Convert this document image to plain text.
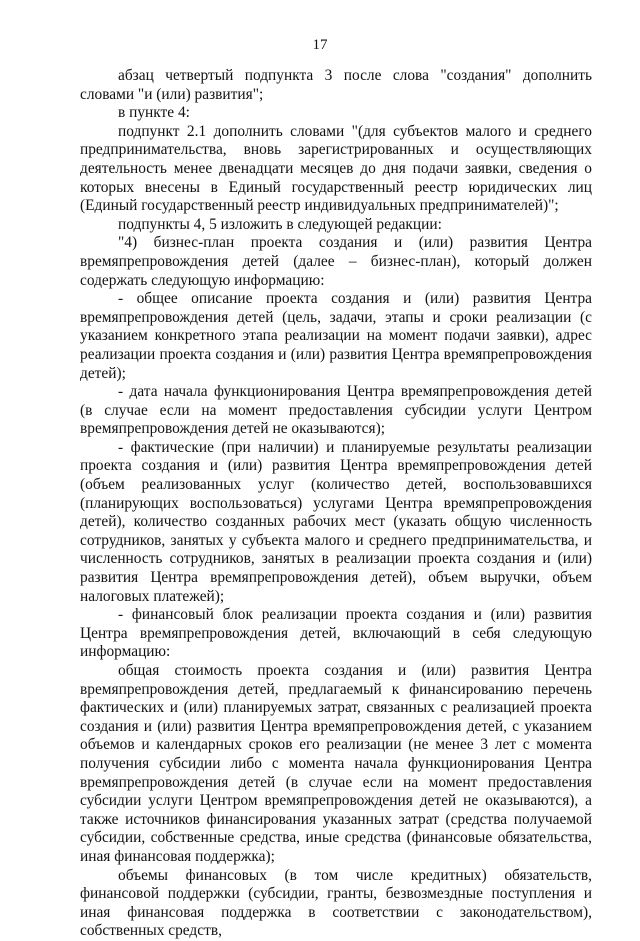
17

абзац четвертый подпункта 3 после слова "создания" дополнить словами "и (или) развития";

в пункте 4:

подпункт 2.1 дополнить словами "(для субъектов малого и среднего предпринимательства, вновь зарегистрированных и осуществляющих деятельность менее двенадцати месяцев до дня подачи заявки, сведения о которых внесены в Единый государственный реестр юридических лиц (Единый государственный реестр индивидуальных предпринимателей)";

подпункты 4, 5 изложить в следующей редакции:

"4) бизнес-план проекта создания и (или) развития Центра времяпрепровождения детей (далее – бизнес-план), который должен содержать следующую информацию:

- общее описание проекта создания и (или) развития Центра времяпрепровождения детей (цель, задачи, этапы и сроки реализации (с указанием конкретного этапа реализации на момент подачи заявки), адрес реализации проекта создания и (или) развития Центра времяпрепровождения детей);

- дата начала функционирования Центра времяпрепровождения детей (в случае если на момент предоставления субсидии услуги Центром времяпрепровождения детей не оказываются);

- фактические (при наличии) и планируемые результаты реализации проекта создания и (или) развития Центра времяпрепровождения детей (объем реализованных услуг (количество детей, воспользовавшихся (планирующих воспользоваться) услугами Центра времяпрепровождения детей), количество созданных рабочих мест (указать общую численность сотрудников, занятых у субъекта малого и среднего предпринимательства, и численность сотрудников, занятых в реализации проекта создания и (или) развития Центра времяпрепровождения детей), объем выручки, объем налоговых платежей);

- финансовый блок реализации проекта создания и (или) развития Центра времяпрепровождения детей, включающий в себя следующую информацию:

общая стоимость проекта создания и (или) развития Центра времяпрепровождения детей, предлагаемый к финансированию перечень фактических и (или) планируемых затрат, связанных с реализацией проекта создания и (или) развития Центра времяпрепровождения детей, с указанием объемов и календарных сроков его реализации (не менее 3 лет с момента получения субсидии либо с момента начала функционирования Центра времяпрепровождения детей (в случае если на момент предоставления субсидии услуги Центром времяпрепровождения детей не оказываются), а также источников финансирования указанных затрат (средства получаемой субсидии, собственные средства, иные средства (финансовые обязательства, иная финансовая поддержка);

объемы финансовых (в том числе кредитных) обязательств, финансовой поддержки (субсидии, гранты, безвозмездные поступления и иная финансовая поддержка в соответствии с законодательством), собственных средств,
